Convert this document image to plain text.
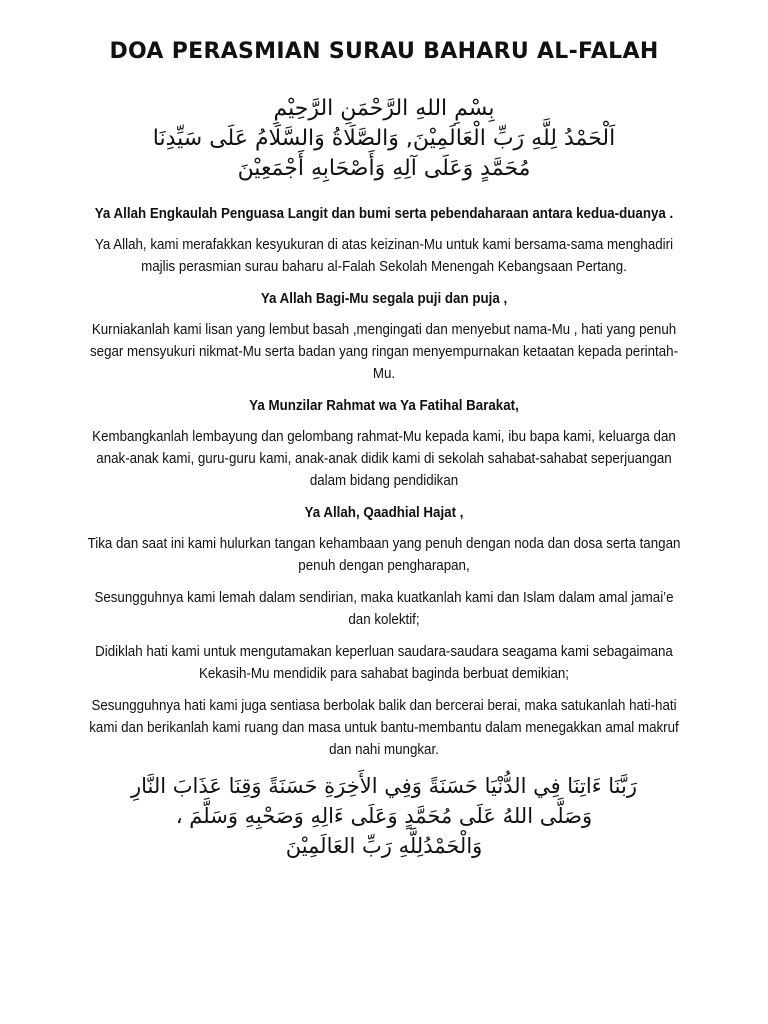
DOA PERASMIAN SURAU BAHARU AL-FALAH
بِسْمِ اللهِ الرَّحْمَنِ الرَّحِيْمِ
اَلْحَمْدُ لِلَّهِ رَبِّ الْعَالَمِيْنَ, وَالصَّلَاةُ وَالسَّلَامُ عَلَى سَيِّدِنَا
مُحَمَّدٍ وَعَلَى آلِهِ وَأَصْحَابِهِ أَجْمَعِيْنَ

Ya Allah Engkaulah Penguasa Langit dan bumi serta pebendaharaan antara kedua-duanya .

Ya Allah, kami merafakkan kesyukuran di atas keizinan-Mu untuk kami bersama-sama menghadiri majlis perasmian surau baharu al-Falah Sekolah Menengah Kebangsaan Pertang.

Ya Allah Bagi-Mu segala puji dan puja ,

Kurniakanlah kami lisan yang lembut basah ,mengingati dan menyebut nama-Mu , hati yang penuh segar mensyukuri nikmat-Mu serta badan yang ringan menyempurnakan ketaatan kepada perintah-Mu.

Ya Munzilar Rahmat wa Ya Fatihal Barakat,

Kembangkanlah lembayung dan gelombang rahmat-Mu kepada kami, ibu bapa kami, keluarga dan anak-anak kami, guru-guru kami, anak-anak didik kami di sekolah sahabat-sahabat seperjuangan dalam bidang pendidikan

Ya Allah, Qaadhial Hajat ,

Tika dan saat ini kami hulurkan tangan kehambaan yang penuh dengan noda dan dosa serta tangan penuh dengan pengharapan,

Sesungguhnya kami lemah dalam sendirian, maka kuatkanlah kami dan Islam dalam amal jamai’e dan kolektif;

Didiklah hati kami untuk mengutamakan keperluan saudara-saudara seagama kami sebagaimana Kekasih-Mu mendidik para sahabat baginda berbuat demikian;

Sesungguhnya hati kami juga sentiasa berbolak balik dan bercerai berai, maka satukanlah hati-hati kami dan berikanlah kami ruang dan masa untuk bantu-membantu dalam menegakkan amal makruf dan nahi mungkar.

رَبَّنَا ءَاتِنَا فِي الدُّنْيَا حَسَنَةً وَفِي الأَخِرَةِ حَسَنَةً وَقِنَا عَذَابَ النَّارِ
وَصَلَّى اللهُ عَلَى مُحَمَّدٍ وَعَلَى ءَالِهِ وَصَحْبِهِ وَسَلَّمَ ،
وَالْحَمْدُلِلَّهِ رَبِّ العَالَمِيْنَ
